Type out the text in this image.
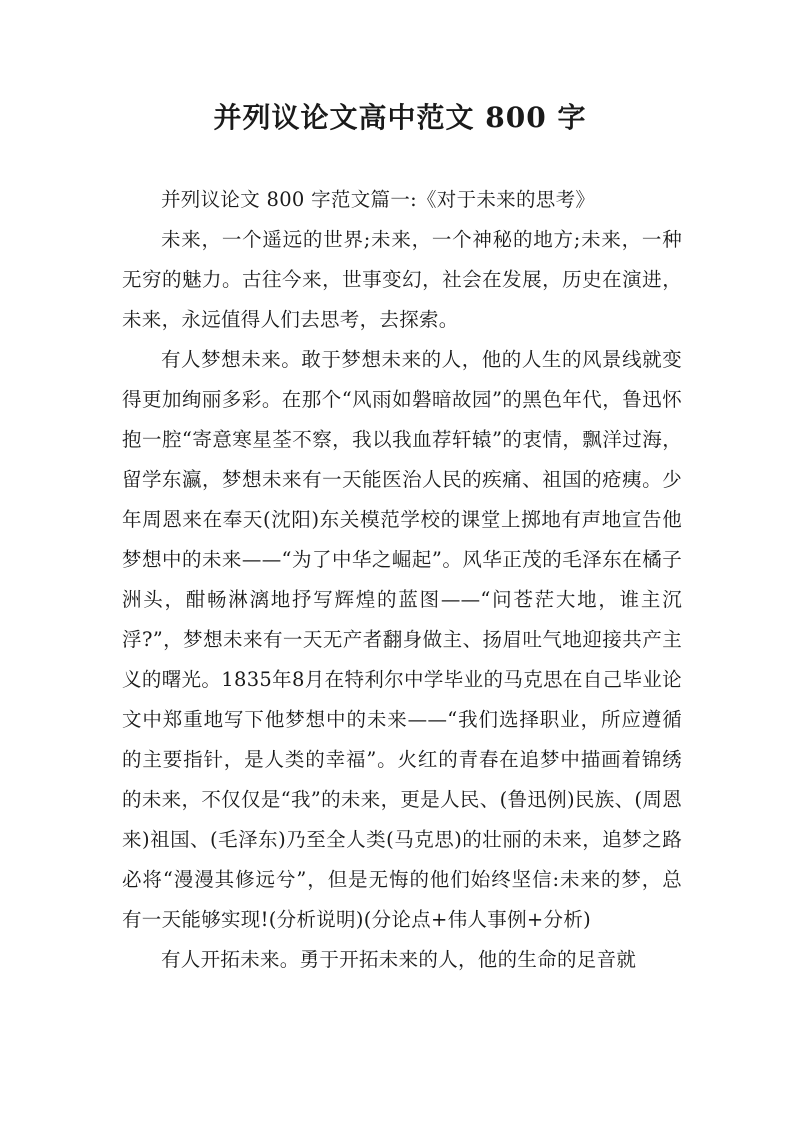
并列议论文高中范文 800 字

并列议论文 800 字范文篇一:《对于未来的思考》

未来，一个遥远的世界;未来，一个神秘的地方;未来，一种无穷的魅力。古往今来，世事变幻，社会在发展，历史在演进，未来，永远值得人们去思考，去探索。

有人梦想未来。敢于梦想未来的人，他的人生的风景线就变得更加绚丽多彩。在那个“风雨如磐暗故园”的黑色年代，鲁迅怀抱一腔“寄意寒星荃不察，我以我血荐轩辕”的衷情，飘洋过海，留学东瀛，梦想未来有一天能医治人民的疾痛、祖国的疮痍。少年周恩来在奉天(沈阳)东关模范学校的课堂上掷地有声地宣告他梦想中的未来——“为了中华之崛起”。风华正茂的毛泽东在橘子洲头，酣畅淋漓地抒写辉煌的蓝图——“问苍茫大地，谁主沉浮?”，梦想未来有一天无产者翻身做主、扬眉吐气地迎接共产主义的曙光。1835年8月在特利尔中学毕业的马克思在自己毕业论文中郑重地写下他梦想中的未来——“我们选择职业，所应遵循的主要指针，是人类的幸福”。火红的青春在追梦中描画着锦绣的未来，不仅仅是“我”的未来，更是人民、(鲁迅例)民族、(周恩来)祖国、(毛泽东)乃至全人类(马克思)的壮丽的未来，追梦之路必将“漫漫其修远兮”，但是无悔的他们始终坚信:未来的梦，总有一天能够实现!(分析说明)(分论点+伟人事例+分析)

有人开拓未来。勇于开拓未来的人，他的生命的足音就
